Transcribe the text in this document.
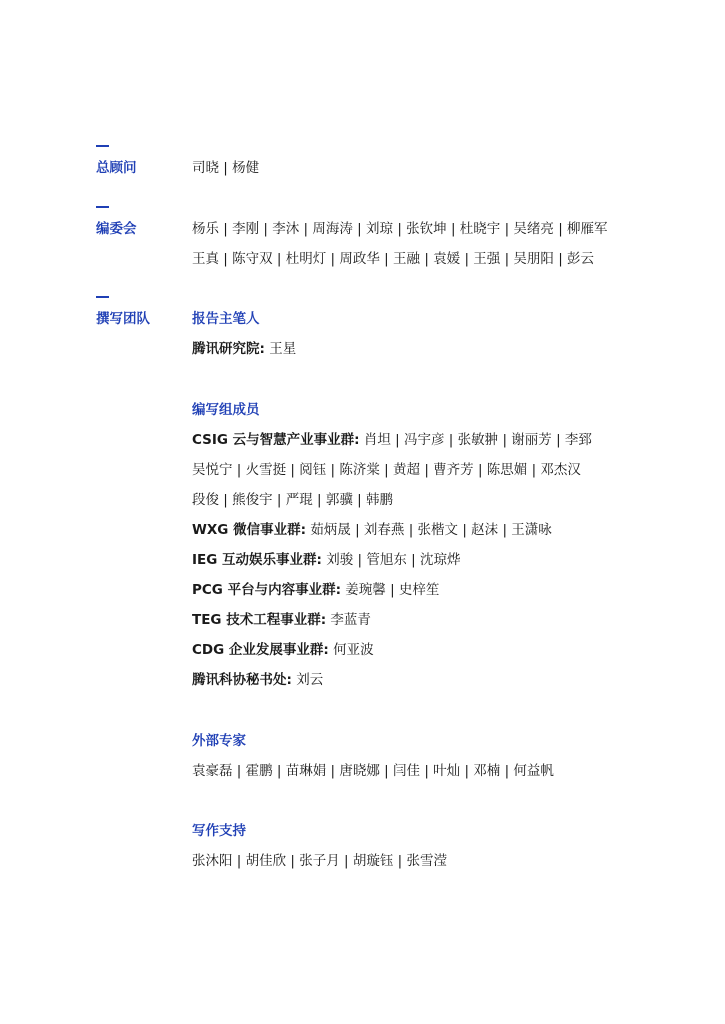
总顾问	司晓 | 杨健
编委会	杨乐 | 李刚 | 李沐 | 周海涛 | 刘琼 | 张钦坤 | 杜晓宇 | 吴绪亮 | 柳雁军
王真 | 陈守双 | 杜明灯 | 周政华 | 王融 | 袁媛 | 王强 | 吴朋阳 | 彭云
撰写团队	报告主笔人
腾讯研究院: 王星
编写组成员
CSIG 云与智慧产业事业群: 肖坦 | 冯宇彦 | 张敏翀 | 谢丽芳 | 李郅
吴悦宁 | 火雪挺 | 阅钰 | 陈济棠 | 黄超 | 曹齐芳 | 陈思媚 | 邓杰汉
段俊 | 熊俊宇 | 严琨 | 郭骥 | 韩鹏
WXG 微信事业群: 茹炳晟 | 刘春燕 | 张楷文 | 赵沫 | 王潇咏
IEG 互动娱乐事业群: 刘骏 | 管旭东 | 沈琼烨
PCG 平台与内容事业群: 姜琬馨 | 史梓笙
TEG 技术工程事业群: 李蓝青
CDG 企业发展事业群: 何亚波
腾讯科协秘书处: 刘云
外部专家
袁豪磊 | 霍鹏 | 苗琳娟 | 唐晓娜 | 闫佳 | 叶灿 | 邓楠 | 何益帆
写作支持
张沐阳 | 胡佳欣 | 张子月 | 胡璇钰 | 张雪滢
